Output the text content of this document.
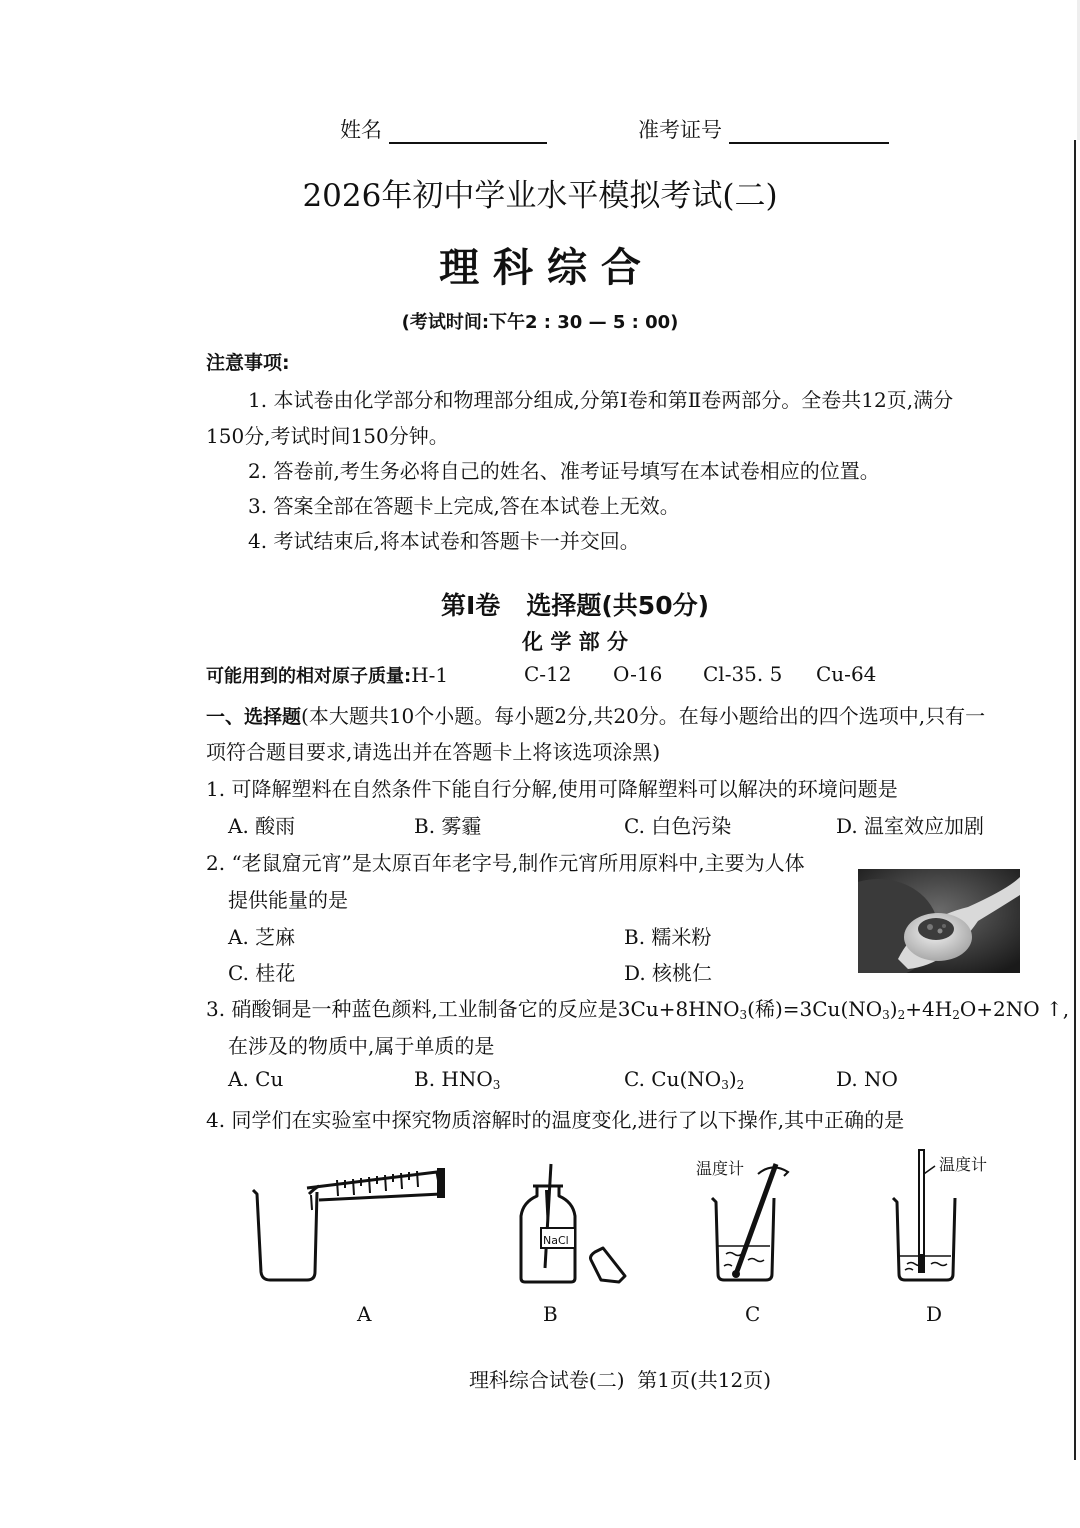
姓名	准考证号
2026年初中学业水平模拟考试(二)
理 科 综 合
(考试时间:下午2 : 30 — 5 : 00)
注意事项:
1. 本试卷由化学部分和物理部分组成,分第Ⅰ卷和第Ⅱ卷两部分。全卷共12页,满分
150分,考试时间150分钟。
2. 答卷前,考生务必将自己的姓名、准考证号填写在本试卷相应的位置。
3. 答案全部在答题卡上完成,答在本试卷上无效。
4. 考试结束后,将本试卷和答题卡一并交回。
第Ⅰ卷   选择题(共50分)
化 学 部 分
可能用到的相对原子质量:H-1	C-12 O-16 Cl-35. 5 Cu-64
一、选择题(本大题共10个小题。每小题2分,共20分。在每小题给出的四个选项中,只有一
项符合题目要求,请选出并在答题卡上将该选项涂黑)
1. 可降解塑料在自然条件下能自行分解,使用可降解塑料可以解决的环境问题是
A. 酸雨	B. 雾霾	C. 白色污染	D. 温室效应加剧
2. “老鼠窟元宵”是太原百年老字号,制作元宵所用原料中,主要为人体
提供能量的是
A. 芝麻	B. 糯米粉
C. 桂花	D. 核桃仁
3. 硝酸铜是一种蓝色颜料,工业制备它的反应是$3Cu+8HNO_3$(稀)$=3Cu(NO_3)_2+4H_2O+2NO$ ↑,
在涉及的物质中,属于单质的是
A. Cu	B. $HNO_3$	C. $Cu(NO_3)_2$	D. NO
4. 同学们在实验室中探究物质溶解时的温度变化,进行了以下操作,其中正确的是
NaCl
温度计	温度计
A	B	C	D
理科综合试卷(二)  第1页(共12页)
